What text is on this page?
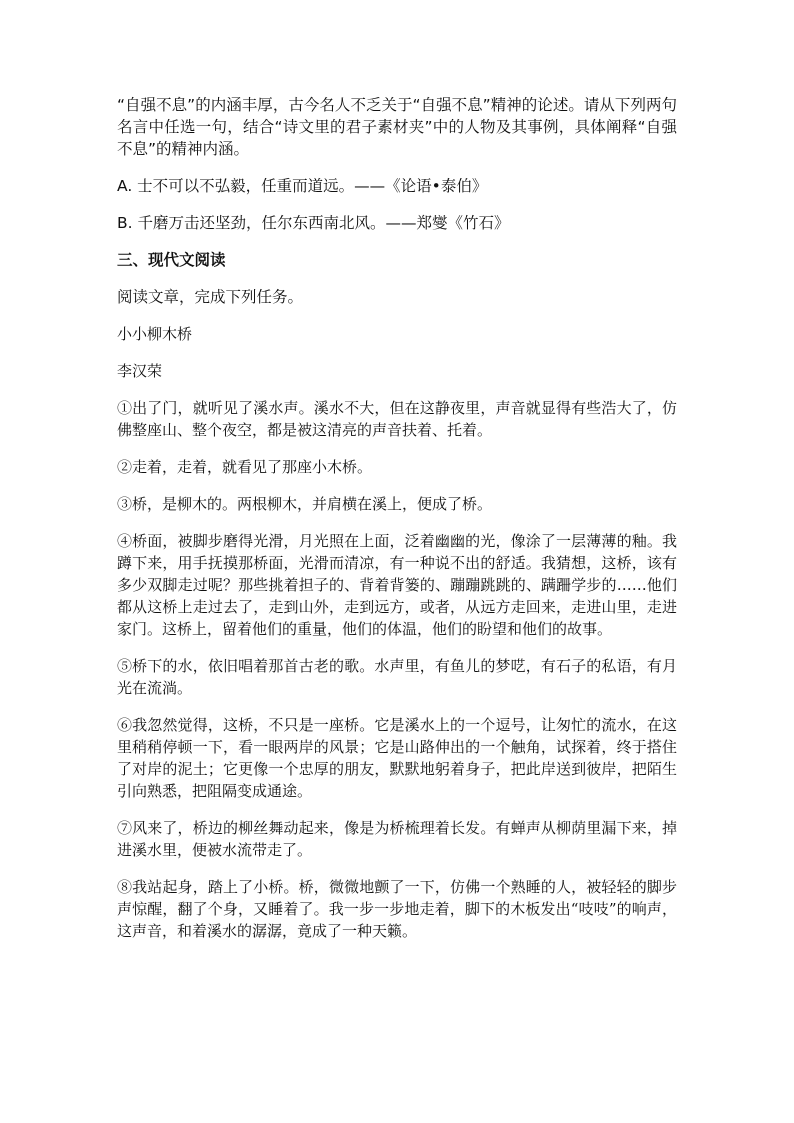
“自强不息”的内涵丰厚，古今名人不乏关于“自强不息”精神的论述。请从下列两句名言中任选一句，结合“诗文里的君子素材夹”中的人物及其事例，具体阐释“自强不息”的精神内涵。

A. 士不可以不弘毅，任重而道远。——《论语•泰伯》

B. 千磨万击还坚劲，任尔东西南北风。——郑燮《竹石》

三、现代文阅读

阅读文章，完成下列任务。

小小柳木桥

李汉荣

①出了门，就听见了溪水声。溪水不大，但在这静夜里，声音就显得有些浩大了，仿佛整座山、整个夜空，都是被这清亮的声音扶着、托着。

②走着，走着，就看见了那座小木桥。

③桥，是柳木的。两根柳木，并肩横在溪上，便成了桥。

④桥面，被脚步磨得光滑，月光照在上面，泛着幽幽的光，像涂了一层薄薄的釉。我蹲下来，用手抚摸那桥面，光滑而清凉，有一种说不出的舒适。我猜想，这桥，该有多少双脚走过呢？那些挑着担子的、背着背篓的、蹦蹦跳跳的、蹒跚学步的……他们都从这桥上走过去了，走到山外，走到远方，或者，从远方走回来，走进山里，走进家门。这桥上，留着他们的重量，他们的体温，他们的盼望和他们的故事。

⑤桥下的水，依旧唱着那首古老的歌。水声里，有鱼儿的梦呓，有石子的私语，有月光在流淌。

⑥我忽然觉得，这桥，不只是一座桥。它是溪水上的一个逗号，让匆忙的流水，在这里稍稍停顿一下，看一眼两岸的风景；它是山路伸出的一个触角，试探着，终于搭住了对岸的泥土；它更像一个忠厚的朋友，默默地躬着身子，把此岸送到彼岸，把陌生引向熟悉，把阻隔变成通途。

⑦风来了，桥边的柳丝舞动起来，像是为桥梳理着长发。有蝉声从柳荫里漏下来，掉进溪水里，便被水流带走了。

⑧我站起身，踏上了小桥。桥，微微地颤了一下，仿佛一个熟睡的人，被轻轻的脚步声惊醒，翻了个身，又睡着了。我一步一步地走着，脚下的木板发出“吱吱”的响声，这声音，和着溪水的潺潺，竟成了一种天籁。
